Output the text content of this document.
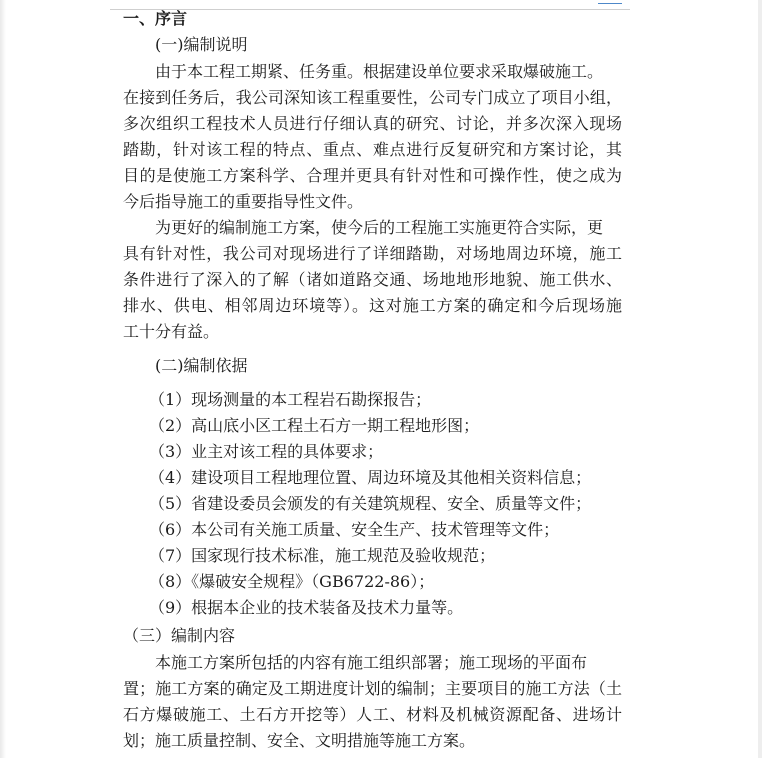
一、序言
(一)编制说明
由于本工程工期紧、任务重。根据建设单位要求采取爆破施工。
在接到任务后，我公司深知该工程重要性，公司专门成立了项目小组，
多次组织工程技术人员进行仔细认真的研究、讨论，并多次深入现场
踏勘，针对该工程的特点、重点、难点进行反复研究和方案讨论，其
目的是使施工方案科学、合理并更具有针对性和可操作性，使之成为
今后指导施工的重要指导性文件。
为更好的编制施工方案，使今后的工程施工实施更符合实际，更
具有针对性，我公司对现场进行了详细踏勘，对场地周边环境，施工
条件进行了深入的了解（诸如道路交通、场地地形地貌、施工供水、
排水、供电、相邻周边环境等）。这对施工方案的确定和今后现场施
工十分有益。
(二)编制依据
（1）现场测量的本工程岩石勘探报告；
（2）高山底小区工程土石方一期工程地形图；
（3）业主对该工程的具体要求；
（4）建设项目工程地理位置、周边环境及其他相关资料信息；
（5）省建设委员会颁发的有关建筑规程、安全、质量等文件；
（6）本公司有关施工质量、安全生产、技术管理等文件；
（7）国家现行技术标准，施工规范及验收规范；
（8）《爆破安全规程》（GB6722-86）；
（9）根据本企业的技术装备及技术力量等。
（三）编制内容
本施工方案所包括的内容有施工组织部署；施工现场的平面布
置；施工方案的确定及工期进度计划的编制；主要项目的施工方法（土
石方爆破施工、土石方开挖等）人工、材料及机械资源配备、进场计
划；施工质量控制、安全、文明措施等施工方案。
